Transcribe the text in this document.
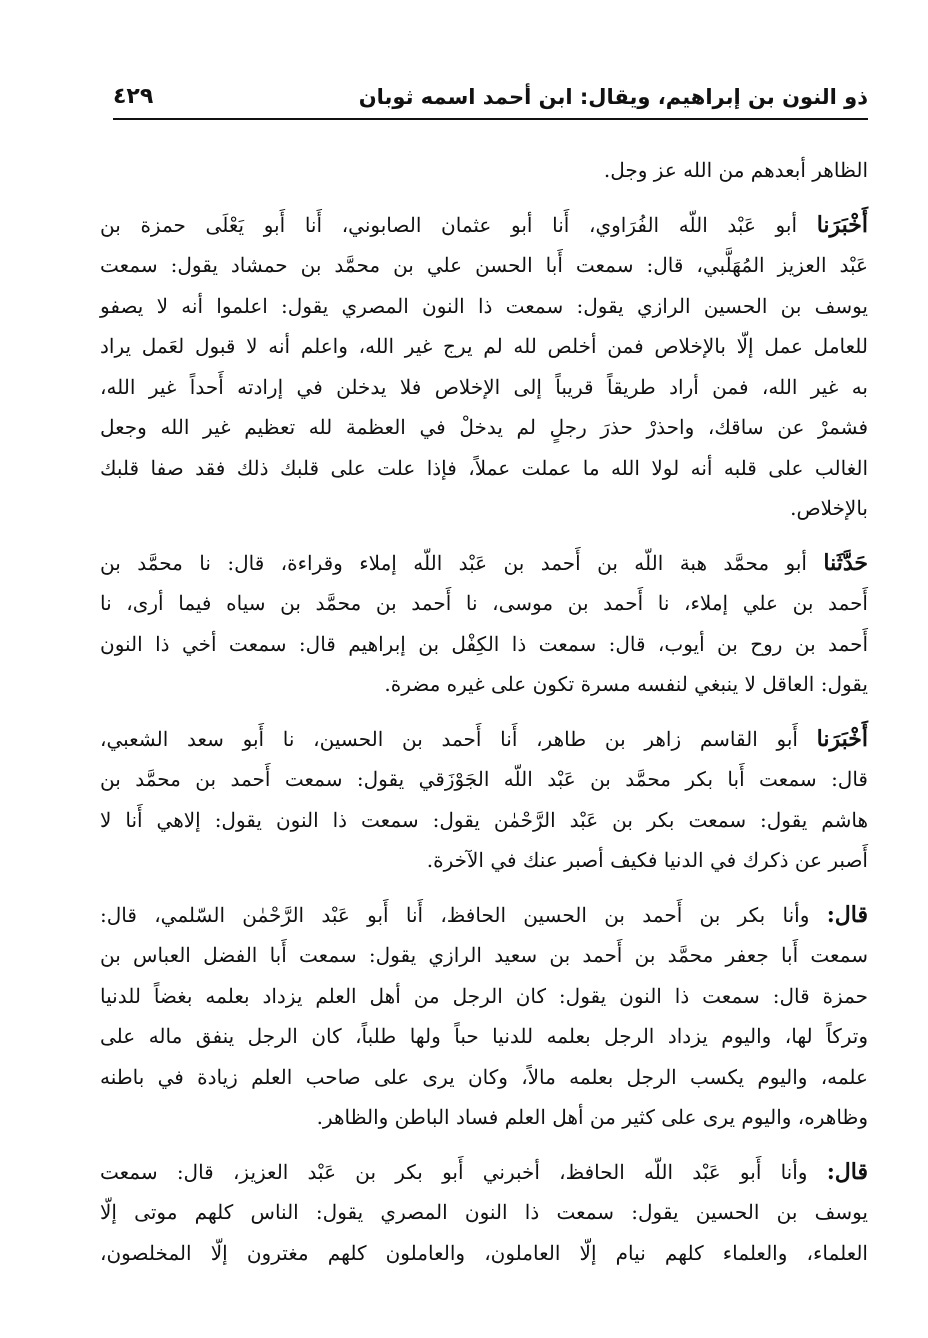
ذو النون بن إبراهيم، ويقال: ابن أحمد اسمه ثوبان
٤٢٩
الظاهر أبعدهم من الله عز وجل.
أَخْبَرَنا أبو عَبْد اللّه الفُرَاوي، أَنا أبو عثمان الصابوني، أَنا أَبو يَعْلَى حمزة بن
عَبْد العزيز المُهَلَّبي، قال: سمعت أَبا الحسن علي بن محمَّد بن حمشاد يقول: سمعت
يوسف بن الحسين الرازي يقول: سمعت ذا النون المصري يقول: اعلموا أنه لا يصفو
للعامل عمل إلّا بالإخلاص فمن أخلص لله لم يرج غير الله، واعلم أنه لا قبول لعَمل يراد
به غير الله، فمن أراد طريقاً قريباً إلى الإخلاص فلا يدخلن في إرادته أَحداً غير الله،
فشمرْ عن ساقك، واحذرْ حذرَ رجلٍ لم يدخلْ في العظمة لله تعظيم غير الله وجعل
الغالب على قلبه أنه لولا الله ما عملت عملاً، فإذا علت على قلبك ذلك فقد صفا قلبك
بالإخلاص.
حَدَّثَنا أبو محمَّد هبة اللّه بن أَحمد بن عَبْد اللّه إملاء وقراءة، قال: نا محمَّد بن
أَحمد بن علي إملاء، نا أَحمد بن موسى، نا أَحمد بن محمَّد بن سياه فيما أرى، نا
أَحمد بن روح بن أيوب، قال: سمعت ذا الكِفْل بن إبراهيم قال: سمعت أخي ذا النون
يقول: العاقل لا ينبغي لنفسه مسرة تكون على غيره مضرة.
أَخْبَرَنا أَبو القاسم زاهر بن طاهر، أَنا أَحمد بن الحسين، نا أَبو سعد الشعبي،
قال: سمعت أَبا بكر محمَّد بن عَبْد اللّه الجَوْزَقي يقول: سمعت أَحمد بن محمَّد بن
هاشم يقول: سمعت بكر بن عَبْد الرَّحْمٰن يقول: سمعت ذا النون يقول: إلاهي أَنا لا
أَصبر عن ذكرك في الدنيا فكيف أصبر عنك في الآخرة.
قال: وأنا بكر بن أَحمد بن الحسين الحافظ، أَنا أَبو عَبْد الرَّحْمٰن السّلمي، قال:
سمعت أَبا جعفر محمَّد بن أَحمد بن سعيد الرازي يقول: سمعت أَبا الفضل العباس بن
حمزة قال: سمعت ذا النون يقول: كان الرجل من أهل العلم يزداد بعلمه بغضاً للدنيا
وتركاً لها، واليوم يزداد الرجل بعلمه للدنيا حباً ولها طلباً، كان الرجل ينفق ماله على
علمه، واليوم يكسب الرجل بعلمه مالاً، وكان يرى على صاحب العلم زيادة في باطنه
وظاهره، واليوم يرى على كثير من أهل العلم فساد الباطن والظاهر.
قال: وأنا أَبو عَبْد اللّه الحافظ، أخبرني أَبو بكر بن عَبْد العزيز، قال: سمعت
يوسف بن الحسين يقول: سمعت ذا النون المصري يقول: الناس كلهم موتى إلّا
العلماء، والعلماء كلهم نيام إلّا العاملون، والعاملون كلهم مغترون إلّا المخلصون،
